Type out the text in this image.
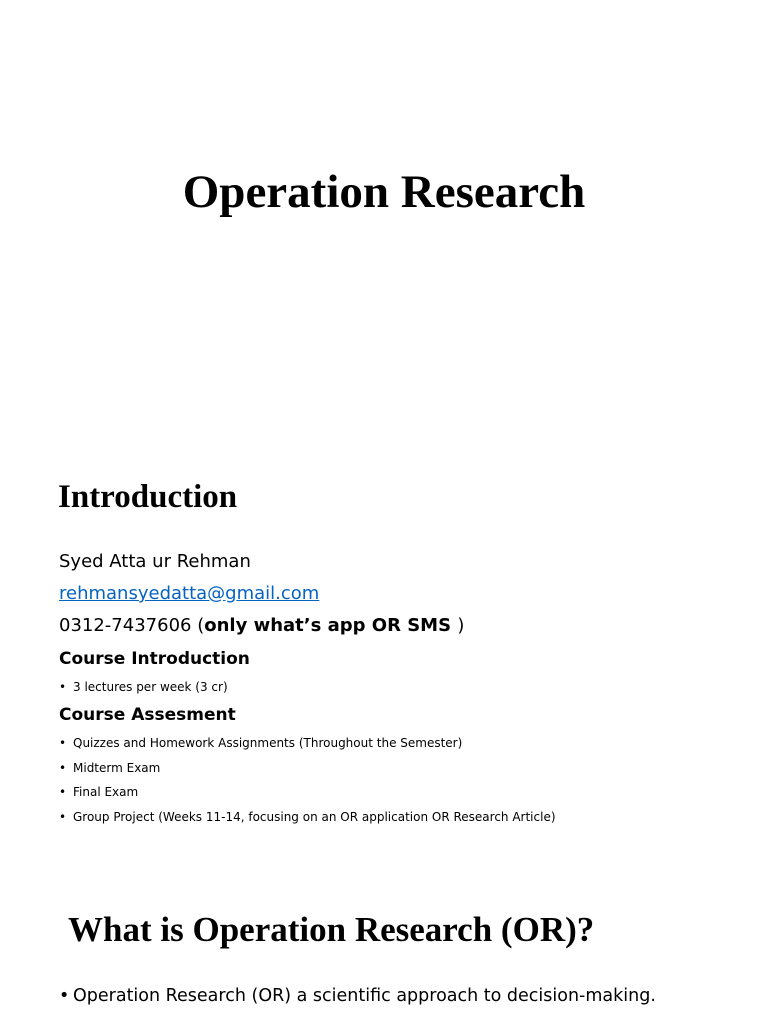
Operation Research
Introduction
Syed Atta ur Rehman
rehmansyedatta@gmail.com
0312-7437606 (only what’s app OR SMS )
Course Introduction
• 3 lectures per week (3 cr)
Course Assesment
• Quizzes and Homework Assignments (Throughout the Semester)
• Midterm Exam
• Final Exam
• Group Project (Weeks 11-14, focusing on an OR application OR Research Article)
What is Operation Research (OR)?
• Operation Research (OR) a scientific approach to decision-making.
